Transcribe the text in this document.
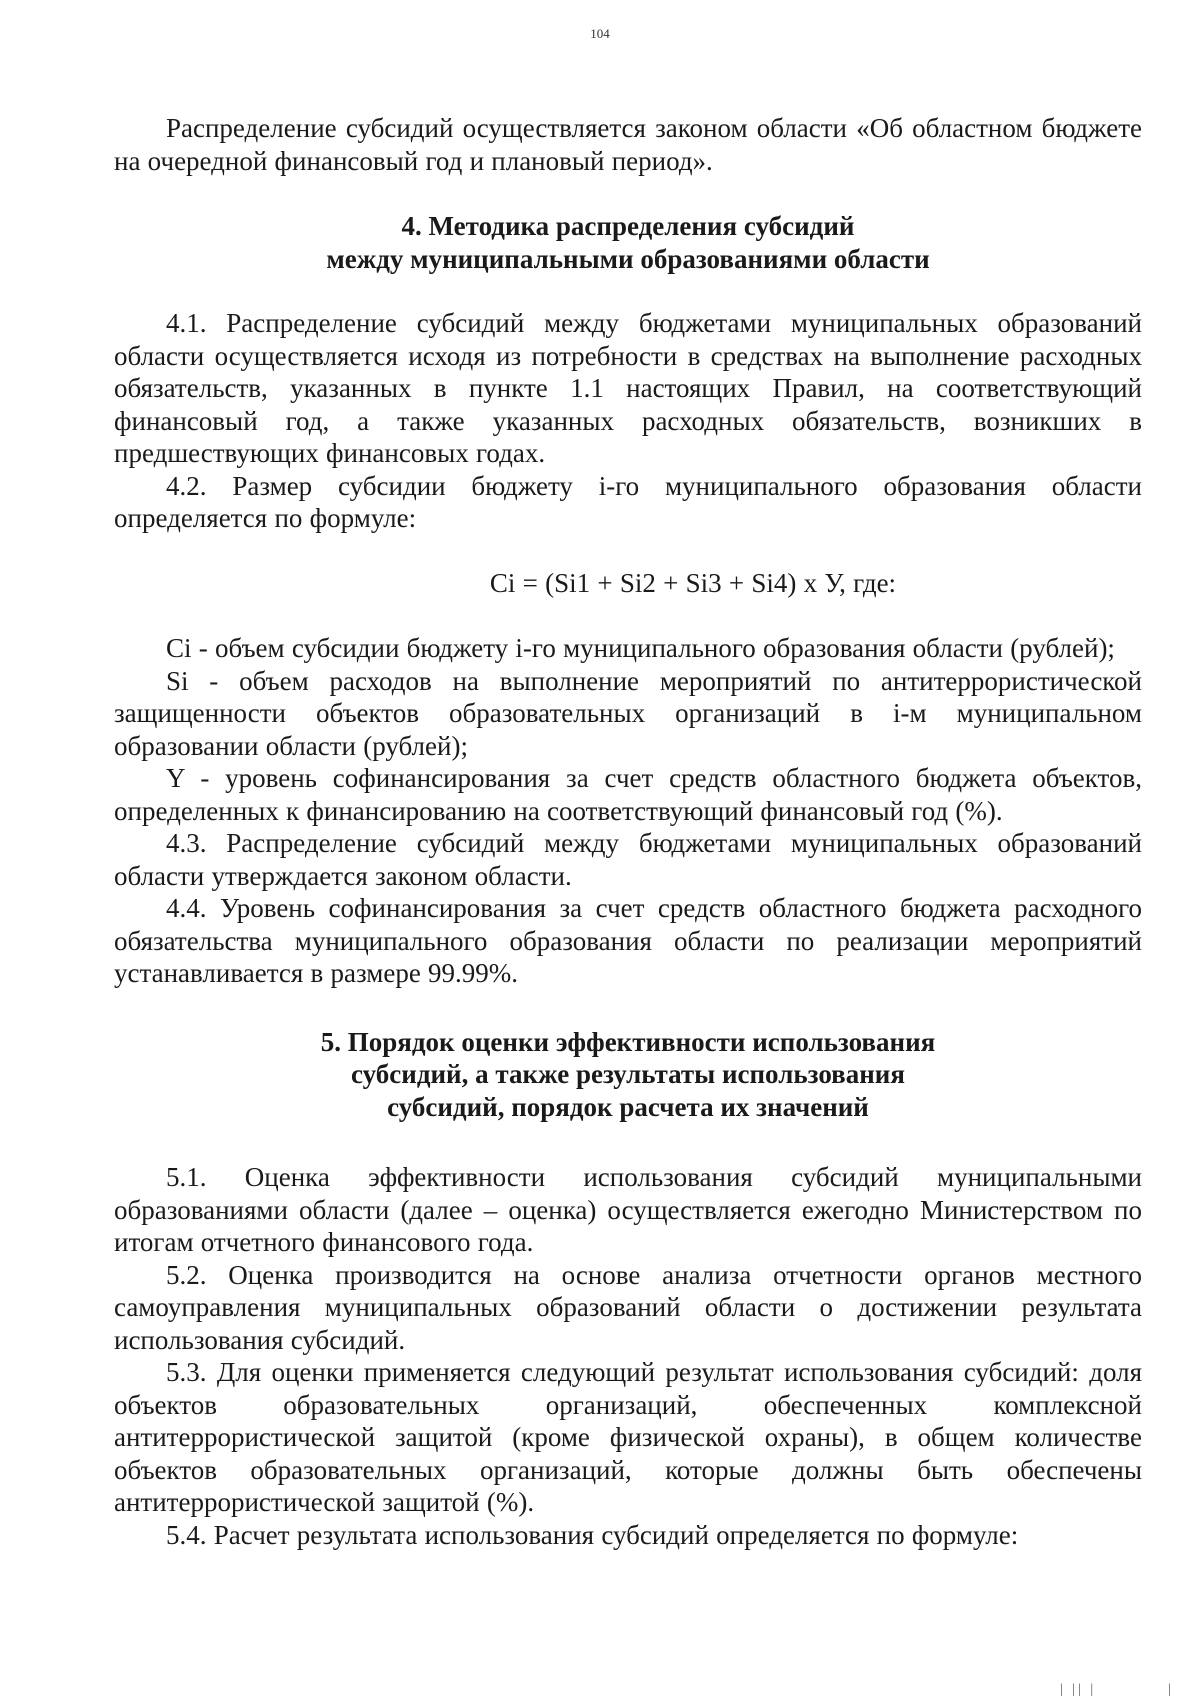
104

Распределение субсидий осуществляется законом области «Об областном бюджете на очередной финансовый год и плановый период».

4. Методика распределения субсидий
между муниципальными образованиями области

4.1. Распределение субсидий между бюджетами муниципальных образований области осуществляется исходя из потребности в средствах на выполнение расходных обязательств, указанных в пункте 1.1 настоящих Правил, на соответствующий финансовый год, а также указанных расходных обязательств, возникших в предшествующих финансовых годах.

4.2. Размер субсидии бюджету i-го муниципального образования области определяется по формуле:

Ci = (Si1 + Si2 + Si3 + Si4) x У, где:

Ci - объем субсидии бюджету i-го муниципального образования области (рублей);

Si - объем расходов на выполнение мероприятий по антитеррористической защищенности объектов образовательных организаций в i-м муниципальном образовании области (рублей);

Y - уровень софинансирования за счет средств областного бюджета объектов, определенных к финансированию на соответствующий финансовый год (%).

4.3. Распределение субсидий между бюджетами муниципальных образований области утверждается законом области.

4.4. Уровень софинансирования за счет средств областного бюджета расходного обязательства муниципального образования области по реализации мероприятий устанавливается в размере 99.99%.

5. Порядок оценки эффективности использования
субсидий, а также результаты использования
субсидий, порядок расчета их значений

5.1. Оценка эффективности использования субсидий муниципальными образованиями области (далее – оценка) осуществляется ежегодно Министерством по итогам отчетного финансового года.

5.2. Оценка производится на основе анализа отчетности органов местного самоуправления муниципальных образований области о достижении результата использования субсидий.

5.3. Для оценки применяется следующий результат использования субсидий: доля объектов образовательных организаций, обеспеченных комплексной антитеррористической защитой (кроме физической охраны), в общем количестве объектов образовательных организаций, которые должны быть обеспечены антитеррористической защитой (%).

5.4. Расчет результата использования субсидий определяется по формуле:

| || |	|
